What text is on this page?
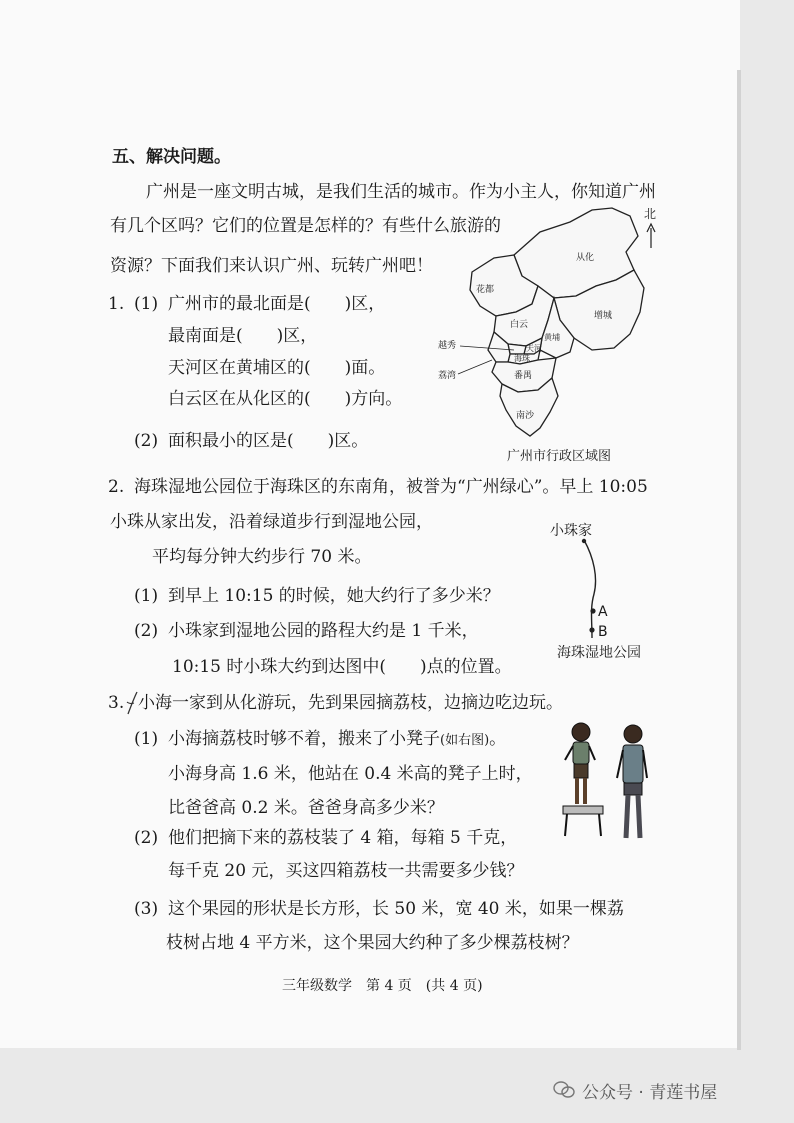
五、解决问题。
广州是一座文明古城，是我们生活的城市。作为小主人，你知道广州
有几个区吗？它们的位置是怎样的？有些什么旅游的
资源？下面我们来认识广州、玩转广州吧！
1. (1) 广州市的最北面是(　　)区，
最南面是(　　)区，
天河区在黄埔区的(　　)面。
白云区在从化区的(　　)方向。
(2) 面积最小的区是(　　)区。
从化
花都
增城
白云
黄埔
天河
越秀
海珠
荔湾	番禺
南沙
北
广州市行政区域图
2. 海珠湿地公园位于海珠区的东南角，被誉为“广州绿心”。早上 10:05
小珠从家出发，沿着绿道步行到湿地公园，
平均每分钟大约步行 70 米。
(1) 到早上 10:15 的时候，她大约行了多少米？
(2) 小珠家到湿地公园的路程大约是 1 千米，
10:15 时小珠大约到达图中(　　)点的位置。
小珠家
A
B
海珠湿地公园
3. 小海一家到从化游玩，先到果园摘荔枝，边摘边吃边玩。
(1) 小海摘荔枝时够不着，搬来了小凳子(如右图)。
小海身高 1.6 米，他站在 0.4 米高的凳子上时，
比爸爸高 0.2 米。爸爸身高多少米？
(2) 他们把摘下来的荔枝装了 4 箱，每箱 5 千克，
每千克 20 元，买这四箱荔枝一共需要多少钱？
(3) 这个果园的形状是长方形，长 50 米，宽 40 米，如果一棵荔
枝树占地 4 平方米，这个果园大约种了多少棵荔枝树？
三年级数学　第 4 页　(共 4 页)
公众号 · 青莲书屋
